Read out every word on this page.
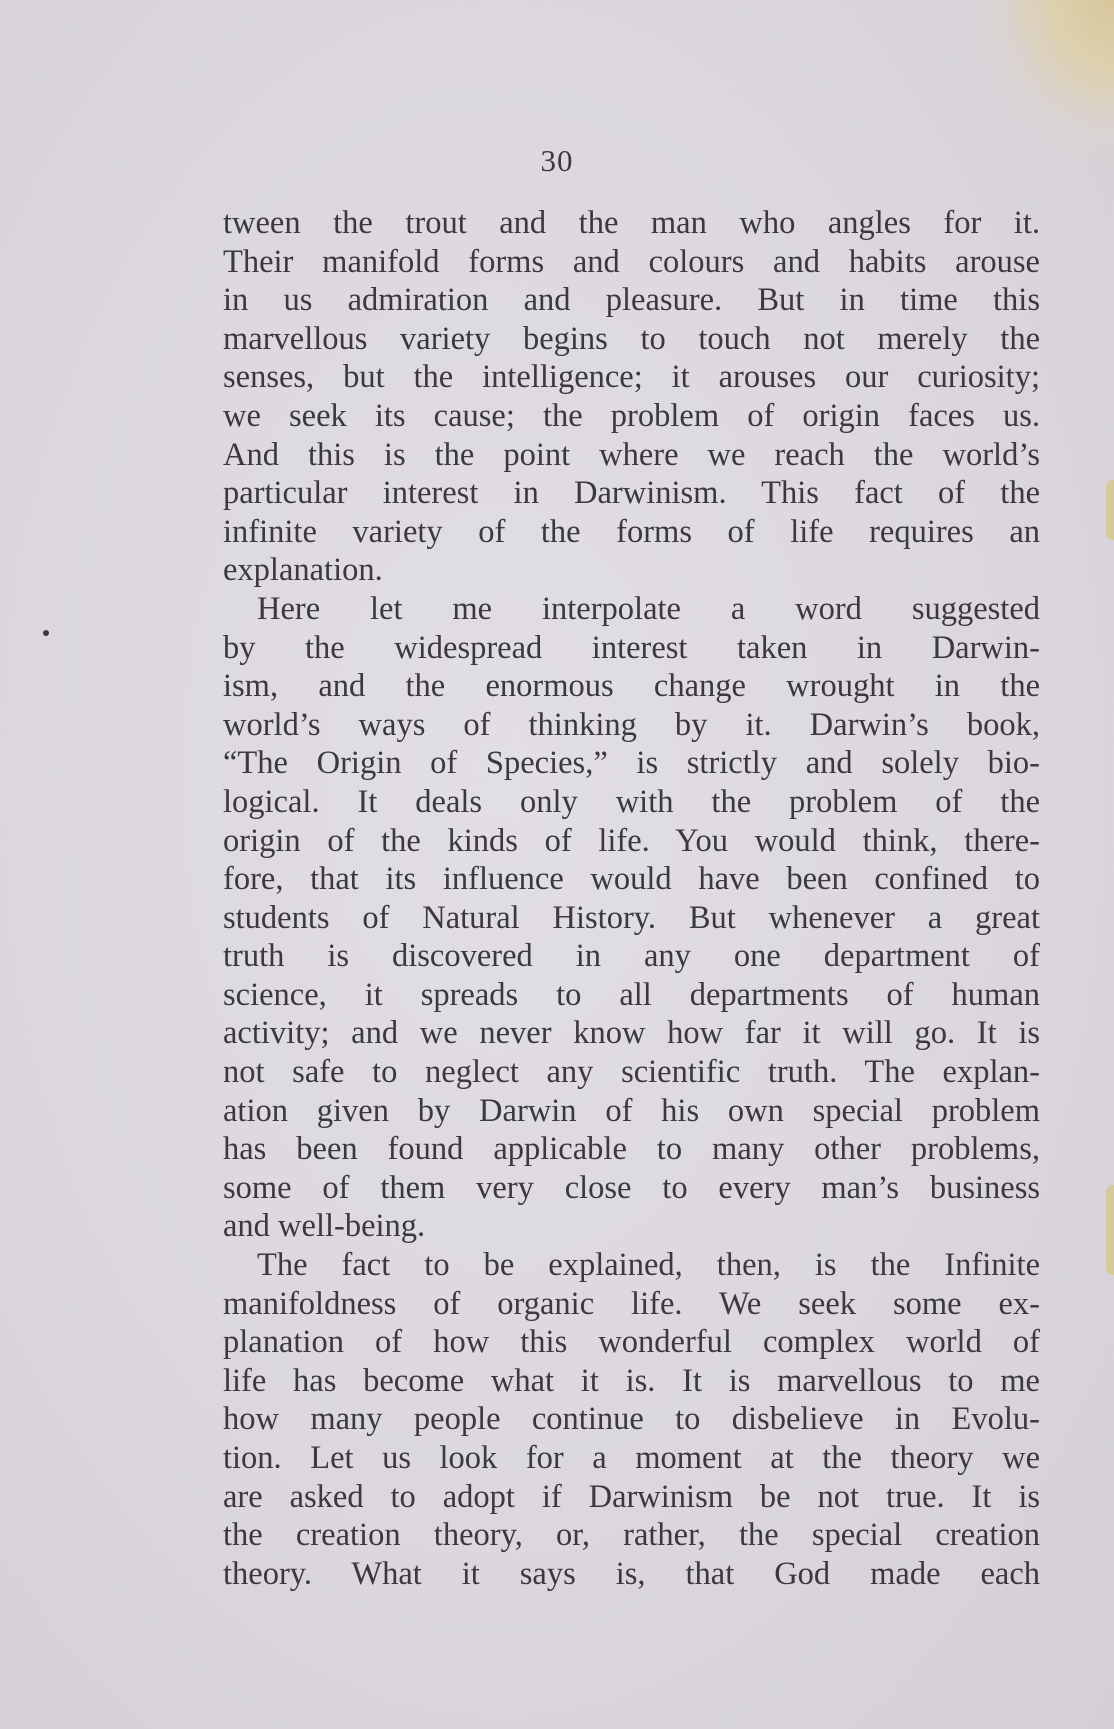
30
tween the trout and the man who angles for it.
Their manifold forms and colours and habits arouse
in us admiration and pleasure. But in time this
marvellous variety begins to touch not merely the
senses, but the intelligence; it arouses our curiosity;
we seek its cause; the problem of origin faces us.
And this is the point where we reach the world’s
particular interest in Darwinism. This fact of the
infinite variety of the forms of life requires an
explanation.
Here let me interpolate a word suggested
by the widespread interest taken in Darwin-
ism, and the enormous change wrought in the
world’s ways of thinking by it. Darwin’s book,
“The Origin of Species,” is strictly and solely bio-
logical. It deals only with the problem of the
origin of the kinds of life. You would think, there-
fore, that its influence would have been confined to
students of Natural History. But whenever a great
truth is discovered in any one department of
science, it spreads to all departments of human
activity; and we never know how far it will go. It is
not safe to neglect any scientific truth. The explan-
ation given by Darwin of his own special problem
has been found applicable to many other problems,
some of them very close to every man’s business
and well-being.
The fact to be explained, then, is the Infinite
manifoldness of organic life. We seek some ex-
planation of how this wonderful complex world of
life has become what it is. It is marvellous to me
how many people continue to disbelieve in Evolu-
tion. Let us look for a moment at the theory we
are asked to adopt if Darwinism be not true. It is
the creation theory, or, rather, the special creation
theory. What it says is, that God made each
